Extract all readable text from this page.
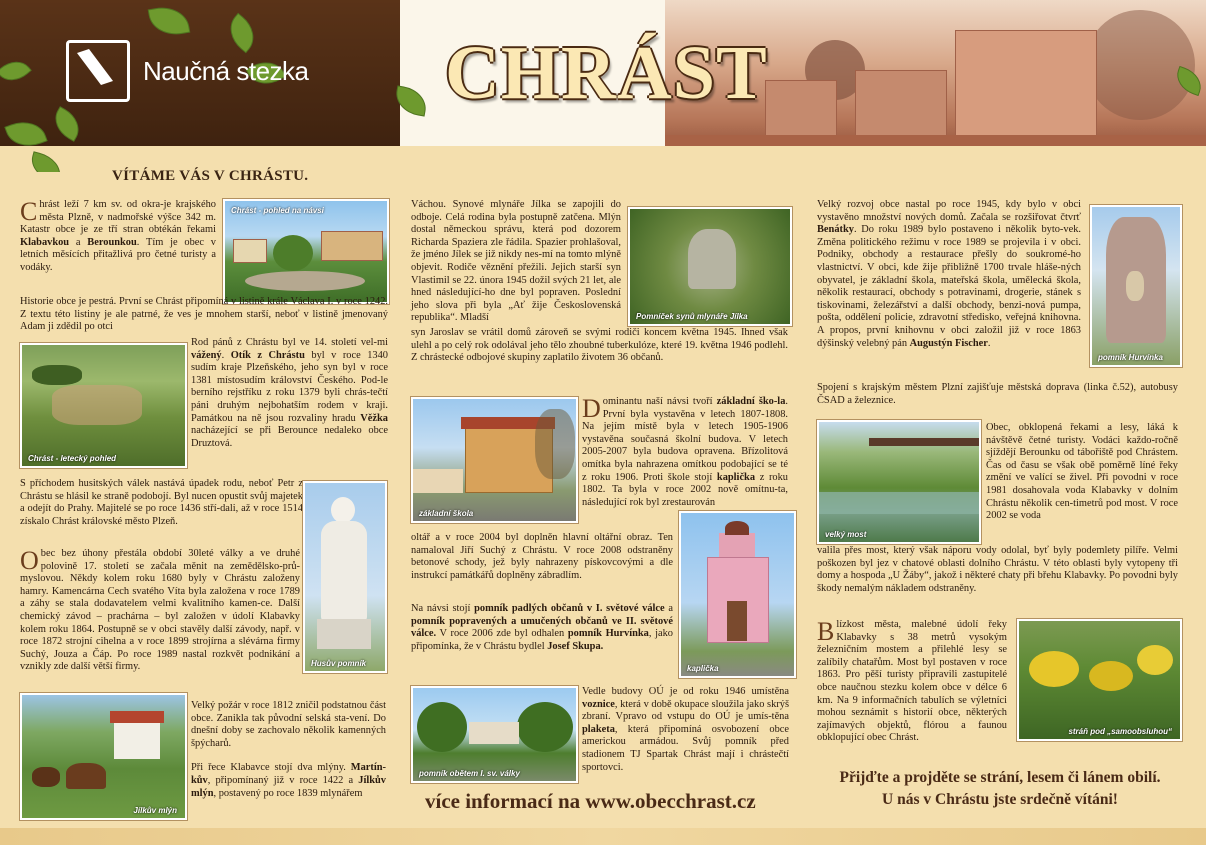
Naučná stezka CHRÁST
VÍTÁME VÁS V CHRÁSTU.
Chrást - pohled na návsi

Chrást leží 7 km sv. od okra-je krajského města Plzně, v nadmořské výšce 342 m. Katastr obce je ze tří stran obtékán řekami Klabavkou a Berounkou. Tím je obec v letních měsících přitažlivá pro četné turisty a vodáky.

Historie obce je pestrá. První se Chrást připomíná v listině krále Václava I. v roce 1242. Z textu této listiny je ale patrné, že ves je mnohem starší, neboť v listině jmenovaný Adam ji zdědil po otci
Chrást - letecký pohled
Rod pánů z Chrástu byl ve 14. století vel-mi vážený. Otík z Chrástu byl v roce 1340 sudím kraje Plzeňského, jeho syn byl v roce 1381 místosudím království Českého. Pod-le berního rejstříku z roku 1379 byli chrás-tečtí páni druhým nejbohatším rodem v kraji. Památkou na ně jsou rozvaliny hradu Věžka nacházející se při Berounce nedaleko obce Druztová.
S příchodem husitských válek nastává úpadek rodu, neboť Petr z Chrástu se hlásil ke straně podobojí. Byl nucen opustit svůj majetek a odejít do Prahy. Majitelé se po roce 1436 stří-dali, až v roce 1514 získalo Chrást královské město Plzeň.
Husův pomník
Obec bez úhony přestála období 30leté války a ve druhé polovině 17. století se začala měnit na zemědělsko-prů-myslovou. Někdy kolem roku 1680 byly v Chrástu založeny hamry. Kamencárna Cech svatého Víta byla založena v roce 1789 a záhy se stala dodavatelem velmi kvalitního kamen-ce. Další chemický závod – prachárna – byl založen v údolí Klabavky kolem roku 1864. Postupně se v obci stavěly další závody, např. v roce 1872 strojní cihelna a v roce 1899 strojírna a slévárna firmy Suchý, Jouza a Čáp. Po roce 1989 nastal rozkvět podnikání a vznikly zde další větší firmy.
Jílkův mlýn

Velký požár v roce 1812 zničil podstatnou část obce. Zanikla tak původní selská sta-vení. Do dnešní doby se zachovalo několik kamenných špýcharů.

Při řece Klabavce stojí dva mlýny. Martín-kův, připomínaný již v roce 1422 a Jílkův mlýn, postavený po roce 1839 mlynářem

Váchou. Synové mlynáře Jílka se zapojili do odboje. Celá rodina byla postupně zatčena. Mlýn dostal německou správu, která pod dozorem Richarda Spaziera zle řádila. Spazier prohlašoval, že jméno Jílek se již nikdy nes-mí na tomto mlýně objevit. Rodiče věznění přežili. Jejich starší syn Vlastimil se 22. února 1945 dožil svých 21 let, ale hned následující-ho dne byl popraven. Poslední jeho slova při byla „Ať žije Československá republika“. Mladší	Pomníček synů mlynáře Jílka
syn Jaroslav se vrátil domů zároveň se svými rodiči koncem května 1945. Ihned však ulehl a po celý rok odolával jeho tělo zhoubné tuberkulóze, které 19. května 1946 podlehl. Z chrástecké odbojové skupiny zaplatilo životem 36 občanů.
základní škola
Dominantu naší návsi tvoří základní ško-la. První byla vystavěna v letech 1807-1808. Na jejím místě byla v letech 1905-1906 vystavěna současná školní budova. V letech 2005-2007 byla budova opravena. Břízolitová omítka byla nahrazena omítkou podobající se té z roku 1906. Proti škole stojí kaplička z roku 1802. Ta byla v roce 2002 nově omítnu-ta, následující rok byl zrestaurován
kaplička
oltář a v roce 2004 byl doplněn hlavní oltářní obraz. Ten namaloval Jiří Suchý z Chrástu. V roce 2008 odstraněny betonové schody, jež byly nahrazeny pískovcovými a dle instrukcí památkářů doplněny zábradlím.
Na návsi stojí pomník padlých občanů v I. světové válce a pomník popravených a umučených občanů ve II. světové válce. V roce 2006 zde byl odhalen pomník Hurvínka, jako připomínka, že v Chrástu bydlel Josef Skupa.
pomník obětem I. sv. války
Vedle budovy OÚ je od roku 1946 umístěna voznice, která v době okupace sloužila jako skrýš zbraní. Vpravo od vstupu do OÚ je umís-těna plaketa, která připomíná osvobození obce americkou armádou. Svůj pomník před stadionem TJ Spartak Chrást mají i chrástečtí sportovci.
více informací na www.obecchrast.cz
Velký rozvoj obce nastal po roce 1945, kdy bylo v obci vystavěno množství nových domů. Začala se rozšiřovat čtvrť Benátky. Do roku 1989 bylo postaveno i několik byto-vek. Změna politického režimu v roce 1989 se projevila i v obci. Podniky, obchody a restaurace přešly do soukromé-ho vlastnictví. V obci, kde žije přibližně 1700 trvale hláše-ných obyvatel, je základní škola, mateřská škola, umělecká škola, několik restaurací, obchody s potravinami, drogerie, stánek s tiskovinami, železářství a další obchody, benzi-nová pumpa, pošta, oddělení policie, zdravotní středisko, veřejná knihovna. A propos, první knihovnu v obci založil již v roce 1863 dýšinský velebný pán Augustýn Fischer.
pomník Hurvínka
Spojení s krajským městem Plzní zajišťuje městská doprava (linka č.52), autobusy ČSAD a železnice.
velký most
Obec, obklopená řekami a lesy, láká k návštěvě četné turisty. Vodáci každo-ročně sjíždějí Berounku od tábořiště pod Chrástem. Čas od času se však obě poměrně líné řeky změní ve valící se živel. Při povodni v roce 1981 dosahovala voda Klabavky v dolním Chrástu několik cen-timetrů pod most. V roce 2002 se voda
valila přes most, který však náporu vody odolal, byť byly podemlety pilíře. Velmi poškozen byl jez v chatové oblasti dolního Chrástu. V této oblasti byly vytopeny tři domy a hospoda „U Žáby“, jakož i některé chaty při břehu Klabavky. Po povodni byly škody nemalým nákladem odstraněny.
Blízkost města, malebné údolí řeky Klabavky s 38 metrů vysokým železničním mostem a přilehlé lesy se zalíbily chatařům. Most byl postaven v roce 1863. Pro pěší turisty připravili zastupitelé obce naučnou stezku kolem obce v délce 6 km. Na 9 informačních tabulích se výletníci mohou seznámit s historií obce, některých zajímavých objektů, flórou a faunou obklopující obec Chrást.
stráň pod „samoobsluhou“
Přijďte a projděte se strání, lesem či lánem obilí.
U nás v Chrástu jste srdečně vítáni!
